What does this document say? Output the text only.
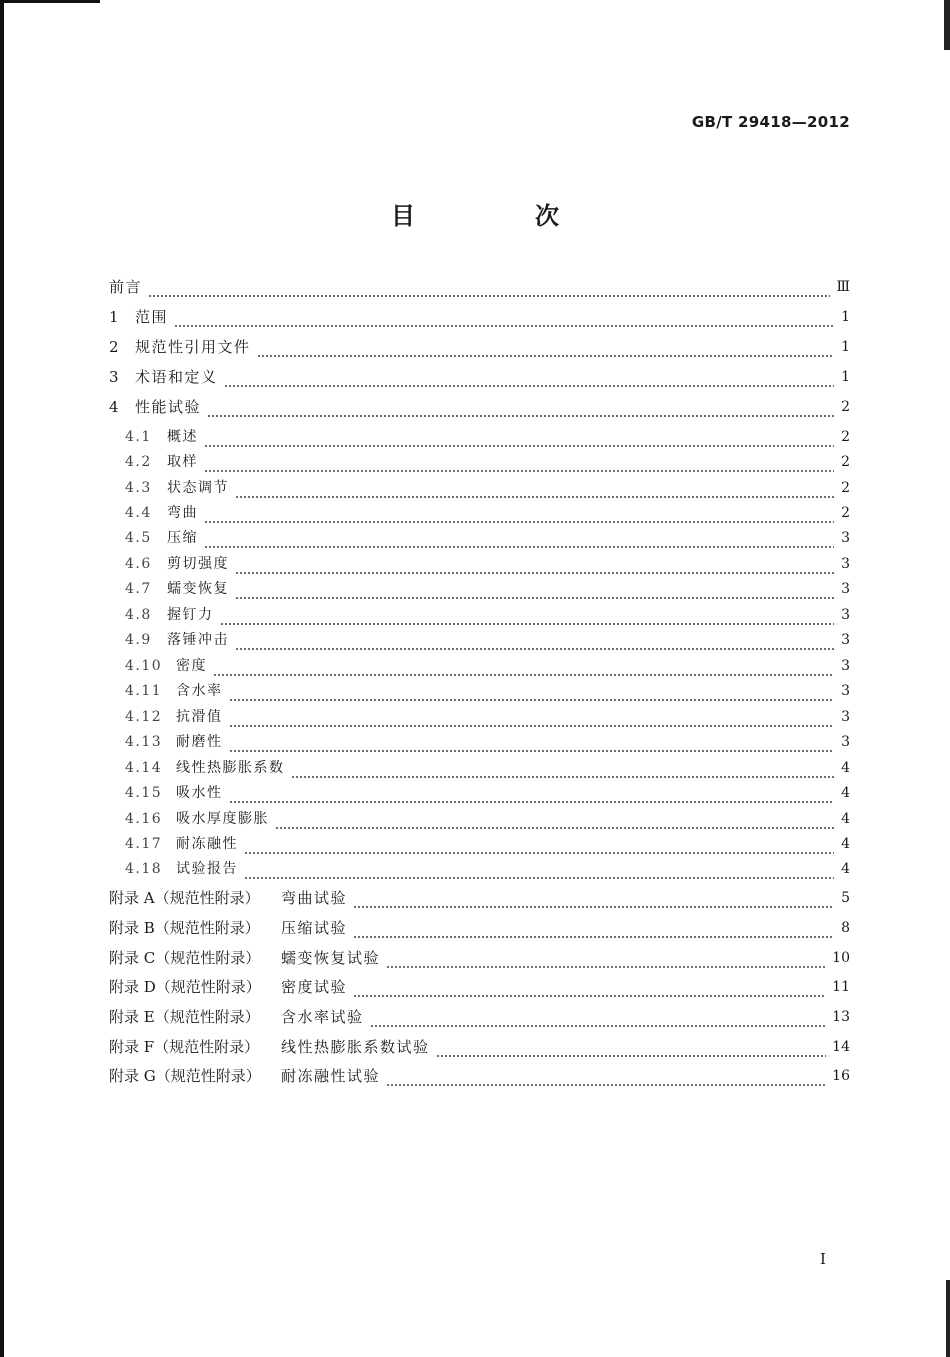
GB/T 29418—2012
目　次
前言	Ⅲ
1	范围	1
2	规范性引用文件	1
3	术语和定义	1
4	性能试验	2
4.1	概述	2
4.2	取样	2
4.3	状态调节	2
4.4	弯曲	2
4.5	压缩	3
4.6	剪切强度	3
4.7	蠕变恢复	3
4.8	握钉力	3
4.9	落锤冲击	3
4.10 密度	3
4.11 含水率	3
4.12 抗滑值	3
4.13 耐磨性	3
4.14 线性热膨胀系数	4
4.15 吸水性	4
4.16 吸水厚度膨胀	4
4.17 耐冻融性	4
4.18 试验报告	4
附录 A（规范性附录）	弯曲试验	5
附录 B（规范性附录）	压缩试验	8
附录 C（规范性附录）	蠕变恢复试验	10
附录 D（规范性附录）	密度试验	11
附录 E（规范性附录）	含水率试验	13
附录 F（规范性附录）	线性热膨胀系数试验	14
附录 G（规范性附录）	耐冻融性试验	16
I
